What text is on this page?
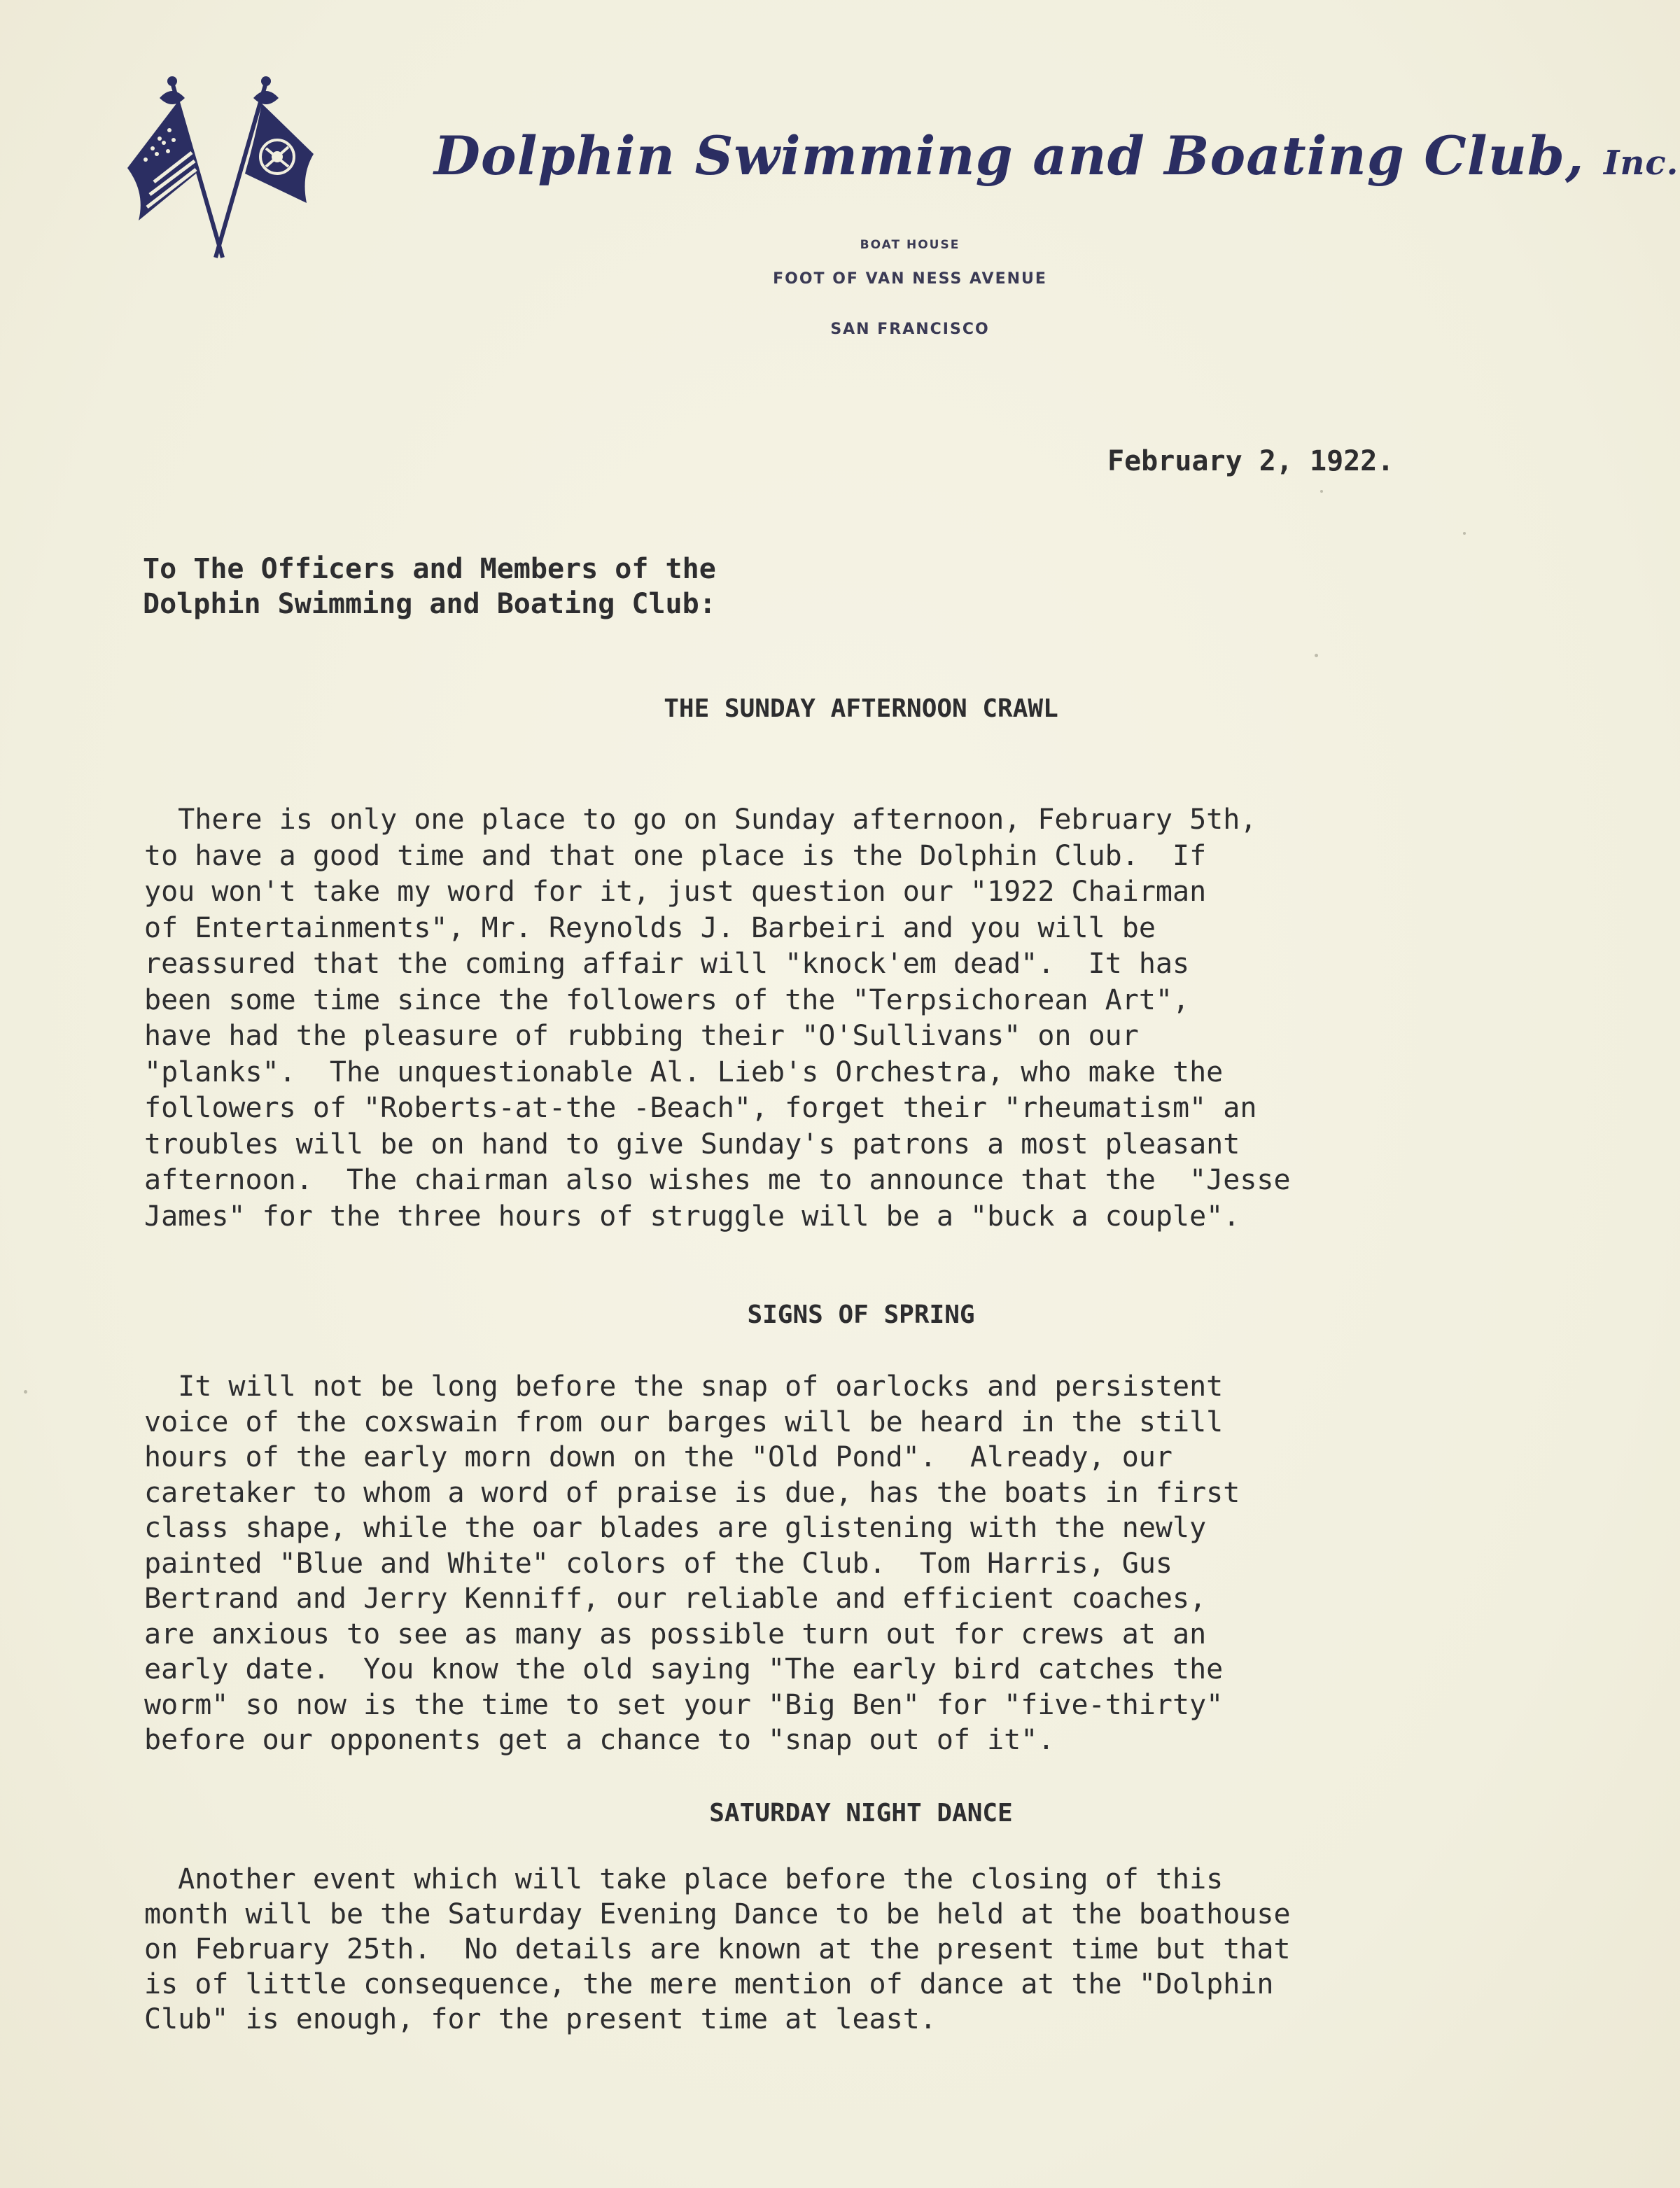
Dolphin Swimming and Boating Club, Inc.
BOAT HOUSE
FOOT OF VAN NESS AVENUE
SAN FRANCISCO
February 2, 1922.
To The Officers and Members of the
Dolphin Swimming and Boating Club:
THE SUNDAY AFTERNOON CRAWL
There is only one place to go on Sunday afternoon, February 5th,
to have a good time and that one place is the Dolphin Club.  If
you won't take my word for it, just question our "1922 Chairman
of Entertainments", Mr. Reynolds J. Barbeiri and you will be
reassured that the coming affair will "knock'em dead".  It has
been some time since the followers of the "Terpsichorean Art",
have had the pleasure of rubbing their "O'Sullivans" on our
"planks".  The unquestionable Al. Lieb's Orchestra, who make the
followers of "Roberts-at-the -Beach", forget their "rheumatism" an
troubles will be on hand to give Sunday's patrons a most pleasant
afternoon.  The chairman also wishes me to announce that the  "Jesse
James" for the three hours of struggle will be a "buck a couple".
SIGNS OF SPRING
It will not be long before the snap of oarlocks and persistent
voice of the coxswain from our barges will be heard in the still
hours of the early morn down on the "Old Pond".  Already, our
caretaker to whom a word of praise is due, has the boats in first
class shape, while the oar blades are glistening with the newly
painted "Blue and White" colors of the Club.  Tom Harris, Gus
Bertrand and Jerry Kenniff, our reliable and efficient coaches,
are anxious to see as many as possible turn out for crews at an
early date.  You know the old saying "The early bird catches the
worm" so now is the time to set your "Big Ben" for "five-thirty"
before our opponents get a chance to "snap out of it".
SATURDAY NIGHT DANCE
Another event which will take place before the closing of this
month will be the Saturday Evening Dance to be held at the boathouse
on February 25th.  No details are known at the present time but that
is of little consequence, the mere mention of dance at the "Dolphin
Club" is enough, for the present time at least.
